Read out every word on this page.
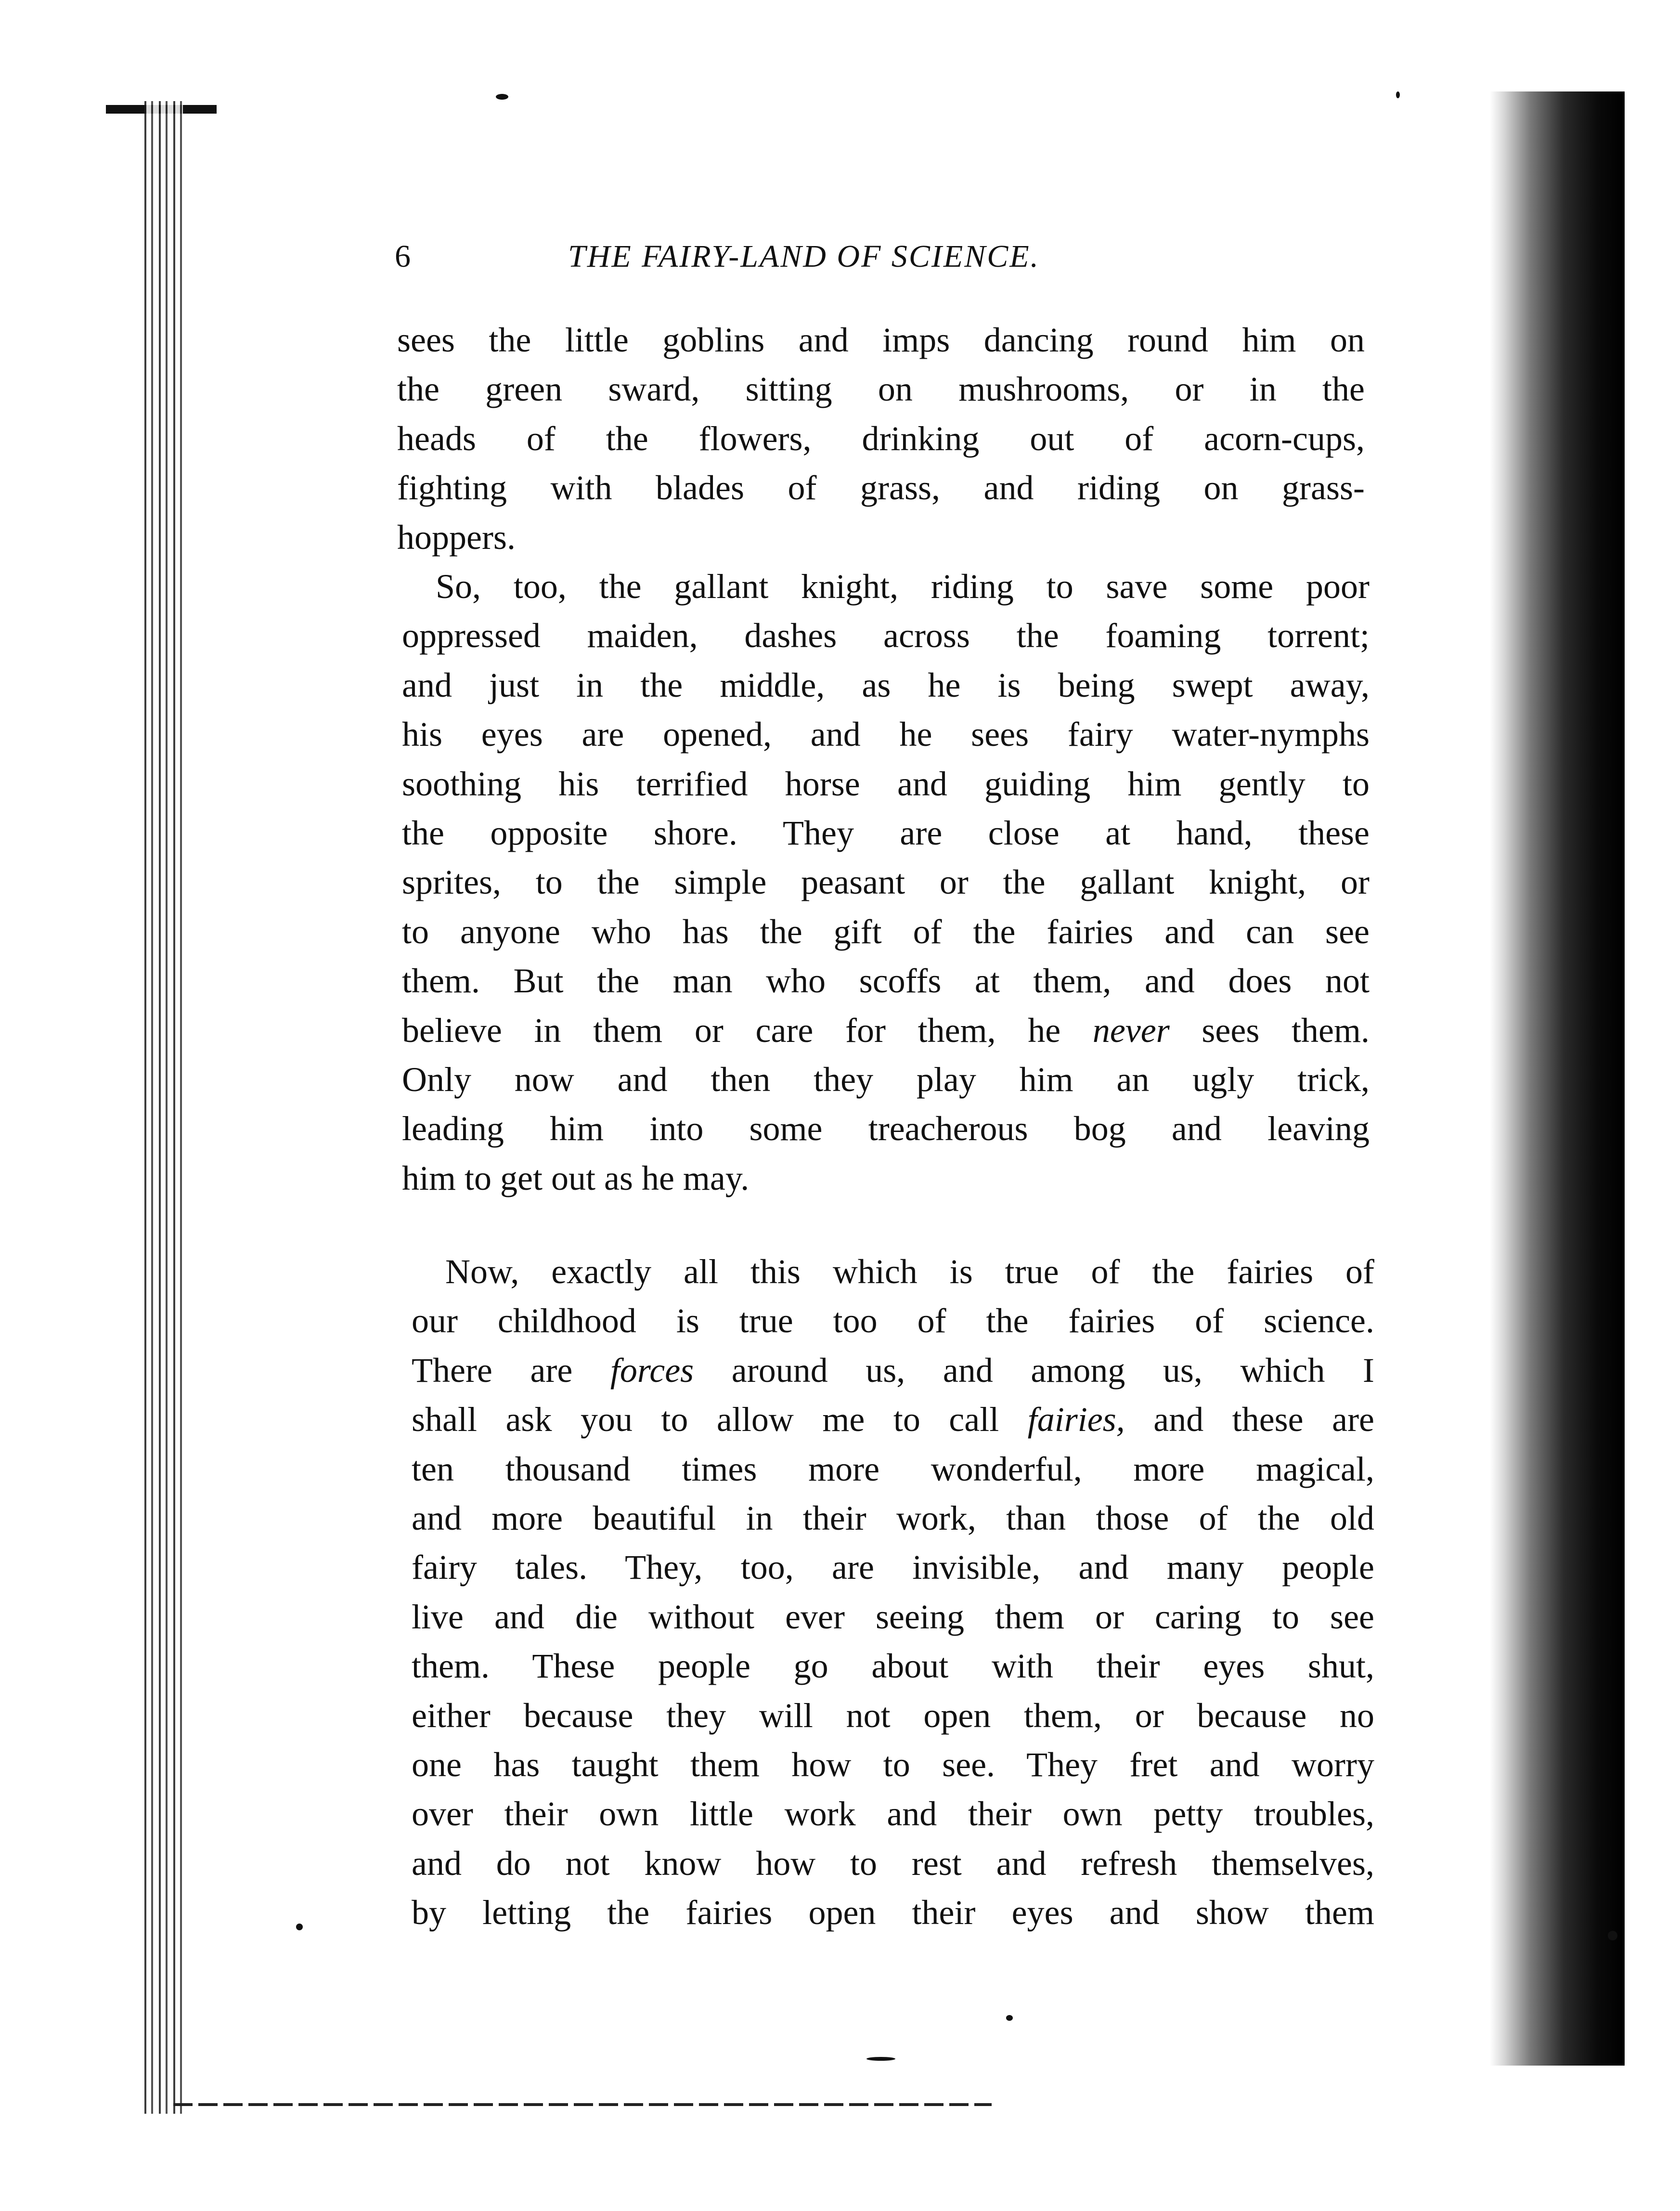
6	THE FAIRY-LAND OF SCIENCE.
sees the little goblins and imps dancing round him on
the green sward, sitting on mushrooms, or in the
heads of the flowers, drinking out of acorn-cups,
fighting with blades of grass, and riding on grass-
hoppers.
So, too, the gallant knight, riding to save some poor
oppressed maiden, dashes across the foaming torrent;
and just in the middle, as he is being swept away,
his eyes are opened, and he sees fairy water-nymphs
soothing his terrified horse and guiding him gently to
the opposite shore. They are close at hand, these
sprites, to the simple peasant or the gallant knight, or
to anyone who has the gift of the fairies and can see
them. But the man who scoffs at them, and does not
believe in them or care for them, he never sees them.
Only now and then they play him an ugly trick,
leading him into some treacherous bog and leaving
him to get out as he may.
Now, exactly all this which is true of the fairies of
our childhood is true too of the fairies of science.
There are forces around us, and among us, which I
shall ask you to allow me to call fairies, and these are
ten thousand times more wonderful, more magical,
and more beautiful in their work, than those of the old
fairy tales. They, too, are invisible, and many people
live and die without ever seeing them or caring to see
them. These people go about with their eyes shut,
either because they will not open them, or because no
one has taught them how to see. They fret and worry
over their own little work and their own petty troubles,
and do not know how to rest and refresh themselves,
by letting the fairies open their eyes and show them
